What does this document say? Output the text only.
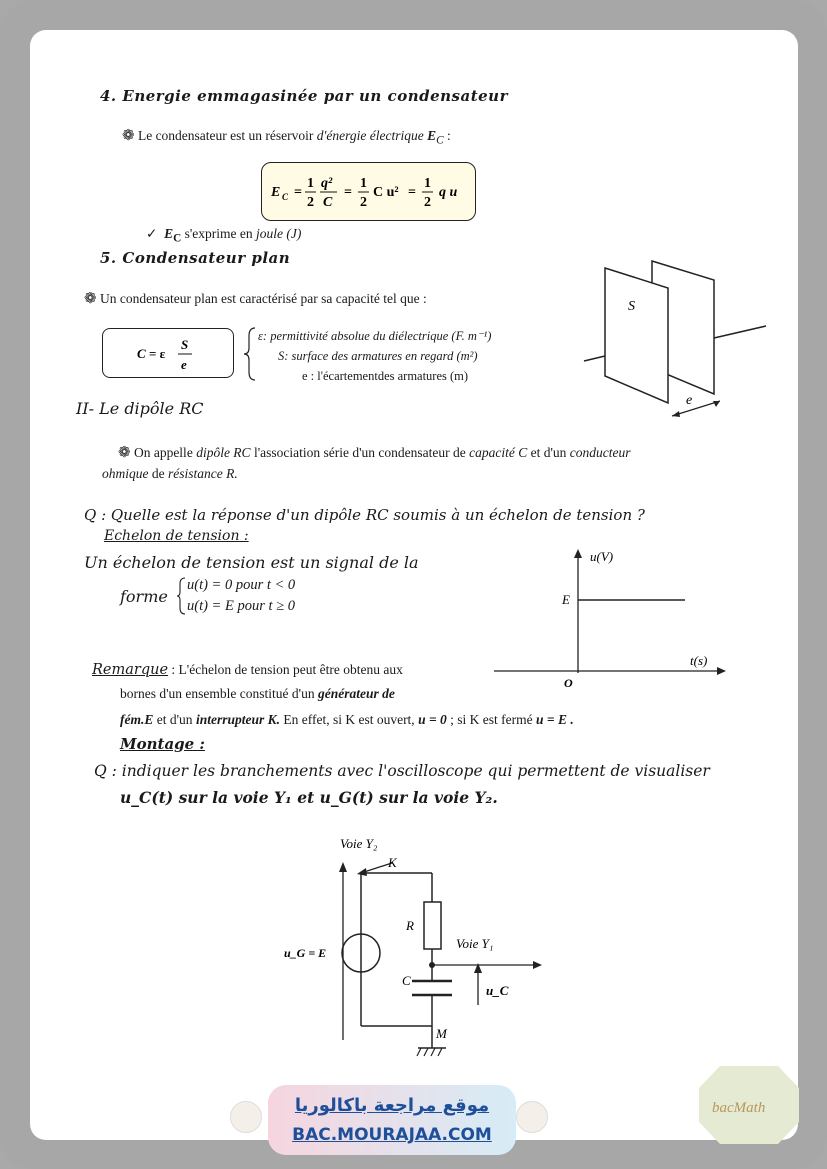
4. Energie emmagasinée par un condensateur
❁ Le condensateur est un réservoir d'énergie électrique $E_C$ :
E C =
1
2
q²
C
=
1
2
C u² =
1
2
q u
✓ $E_C$ s'exprime en joule (J)
5. Condensateur plan
❁ Un condensateur plan est caractérisé par sa capacité tel que :
C = ε
S
e
ε: permittivité absolue du diélectrique (F. m⁻¹)
S: surface des armatures en regard (m²)
e : l'écartementdes armatures (m)
S
e
II- Le dipôle RC
❁ On appelle dipôle RC l'association série d'un condensateur de capacité C et d'un conducteur
ohmique de résistance R.
Q : Quelle est la réponse d'un dipôle RC soumis à un échelon de tension ?
Echelon de tension :
Un échelon de tension est un signal de la
forme
u(t) = 0 pour t < 0
u(t) = E pour t ≥ 0
u(V)
t(s)
E
O
Remarque : L'échelon de tension peut être obtenu aux
bornes d'un ensemble constitué d'un générateur de
fém.E et d'un interrupteur K. En effet, si K est ouvert, u = 0 ; si K est fermé u = E .
Montage :
Q : indiquer les branchements avec l'oscilloscope qui permettent de visualiser
u_C(t) sur la voie Y₁ et u_G(t) sur la voie Y₂.
Voie Y₂
K
R
Voie Y₁
C
u_C
u_G = E
M
موقع مراجعة باكالوريا
BAC.MOURAJAA.COM
bacMath
